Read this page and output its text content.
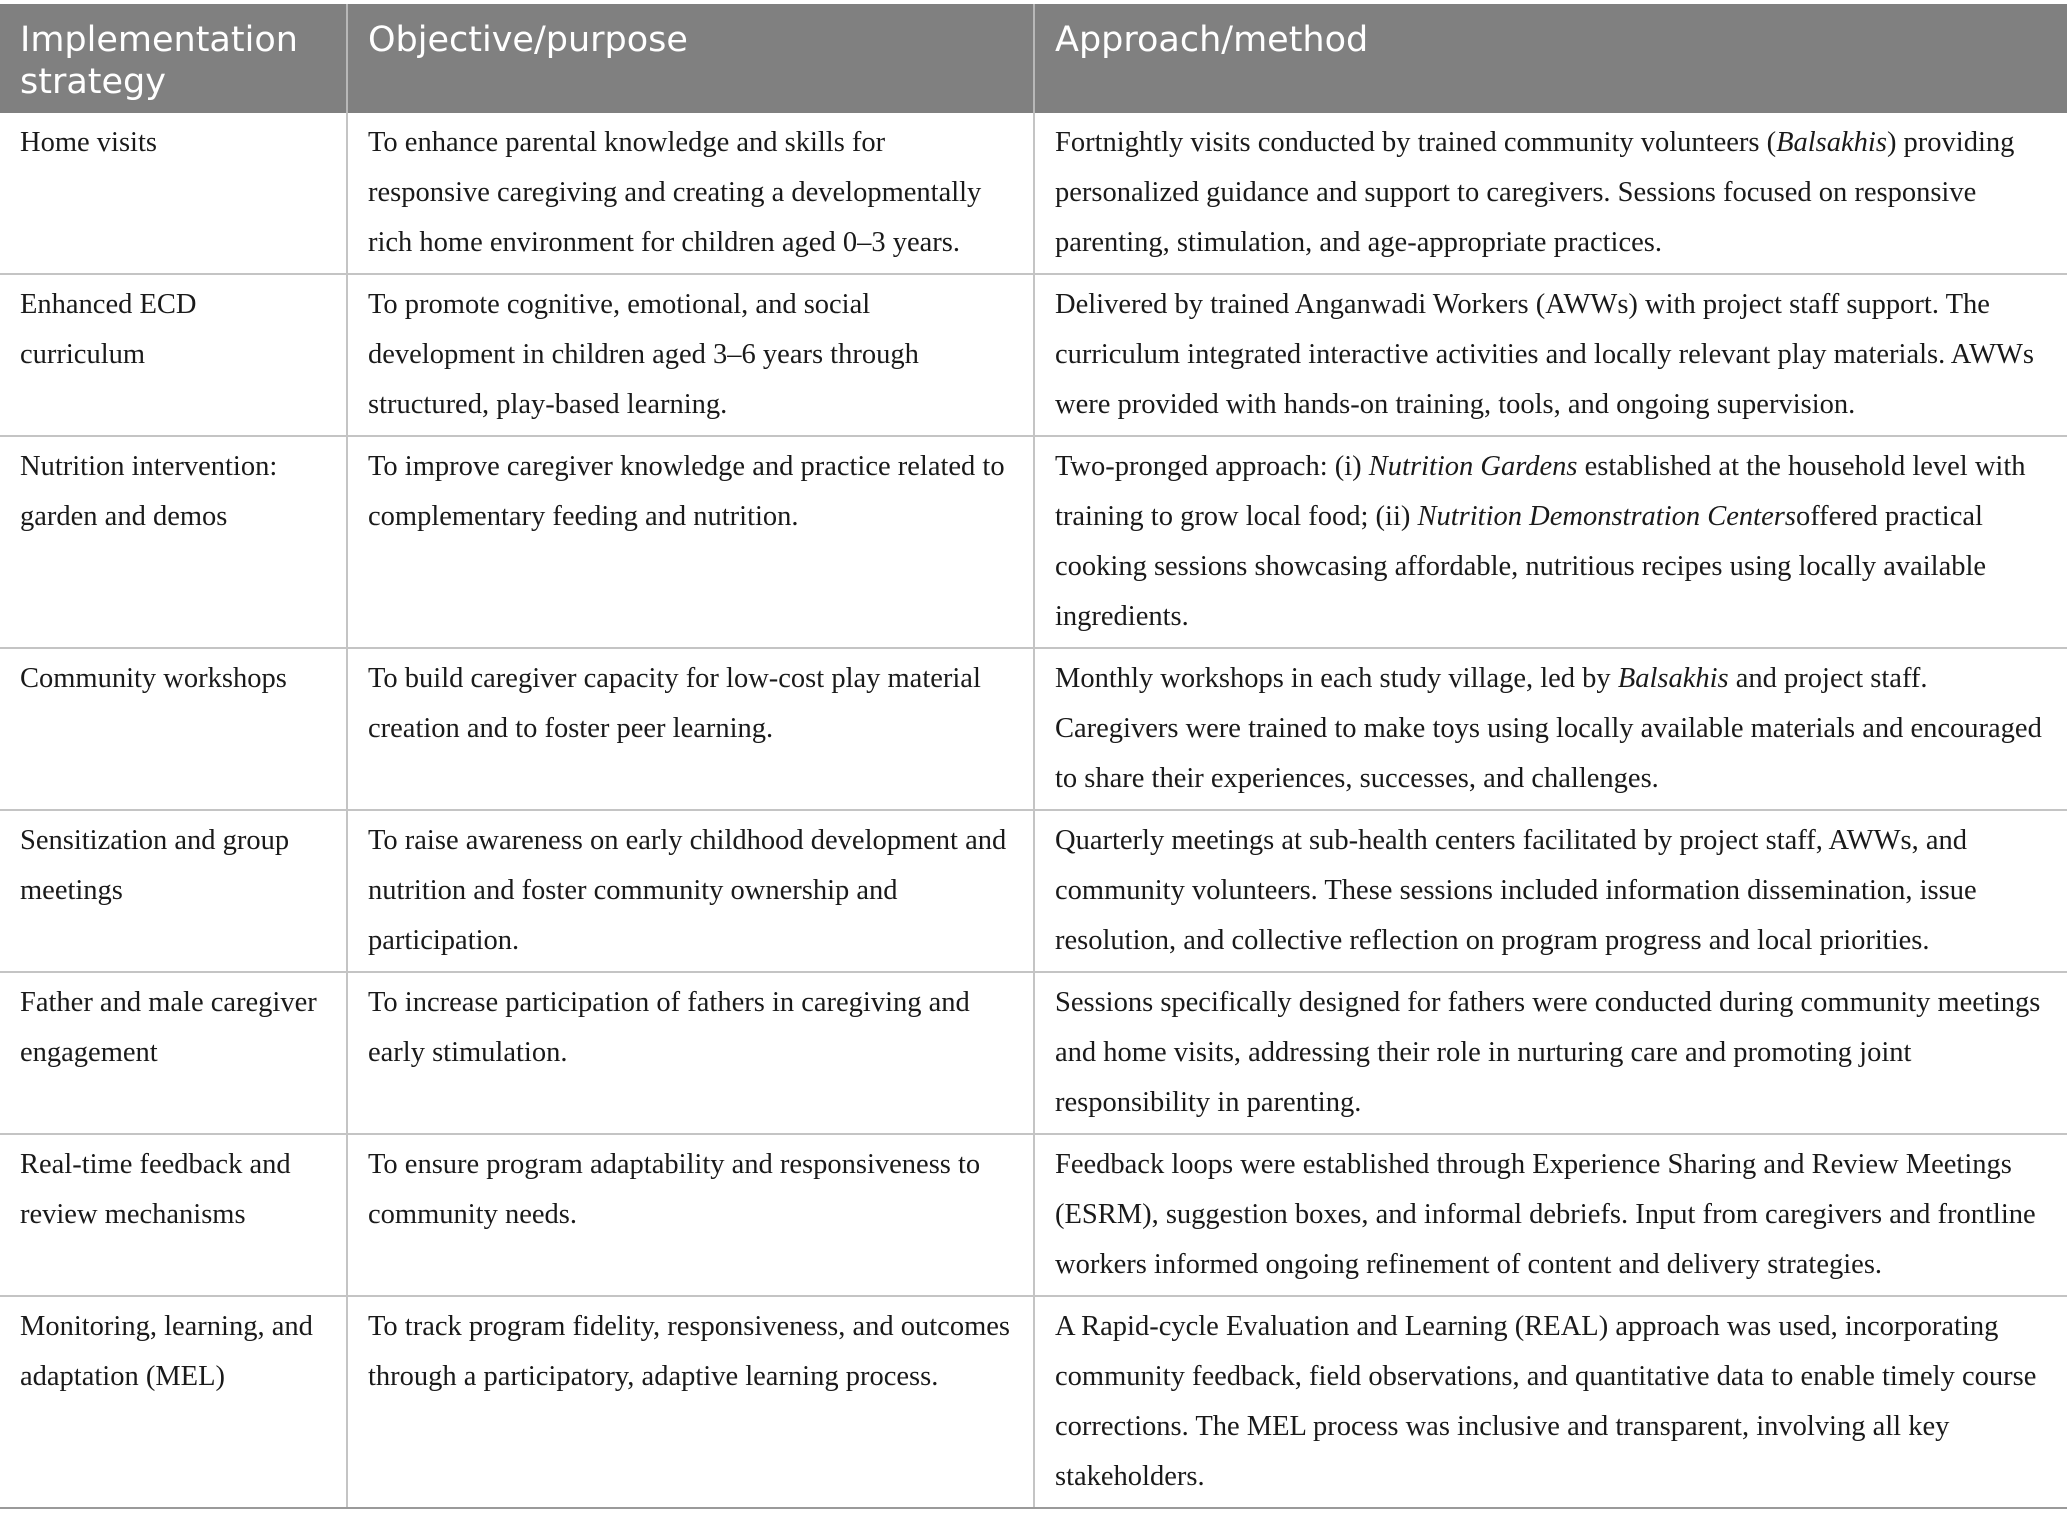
Implementation strategy	Objective/purpose	Approach/method
Home visits	To enhance parental knowledge and skills for responsive caregiving and creating a developmentally rich home environment for children aged 0–3 years.	Fortnightly visits conducted by trained community volunteers (Balsakhis) providing personalized guidance and support to caregivers. Sessions focused on responsive parenting, stimulation, and age-appropriate practices.
Enhanced ECD curriculum	To promote cognitive, emotional, and social development in children aged 3–6 years through structured, play-based learning.	Delivered by trained Anganwadi Workers (AWWs) with project staff support. The curriculum integrated interactive activities and locally relevant play materials. AWWs were provided with hands-on training, tools, and ongoing supervision.
Nutrition intervention: garden and demos	To improve caregiver knowledge and practice related to complementary feeding and nutrition.	Two-pronged approach: (i) Nutrition Gardens established at the household level with training to grow local food; (ii) Nutrition Demonstration Centersoffered practical cooking sessions showcasing affordable, nutritious recipes using locally available ingredients.
Community workshops	To build caregiver capacity for low-cost play material creation and to foster peer learning.	Monthly workshops in each study village, led by Balsakhis and project staff. Caregivers were trained to make toys using locally available materials and encouraged to share their experiences, successes, and challenges.
Sensitization and group meetings	To raise awareness on early childhood development and nutrition and foster community ownership and participation.	Quarterly meetings at sub-health centers facilitated by project staff, AWWs, and community volunteers. These sessions included information dissemination, issue resolution, and collective reflection on program progress and local priorities.
Father and male caregiver engagement	To increase participation of fathers in caregiving and early stimulation.	Sessions specifically designed for fathers were conducted during community meetings and home visits, addressing their role in nurturing care and promoting joint responsibility in parenting.
Real-time feedback and review mechanisms	To ensure program adaptability and responsiveness to community needs.	Feedback loops were established through Experience Sharing and Review Meetings (ESRM), suggestion boxes, and informal debriefs. Input from caregivers and frontline workers informed ongoing refinement of content and delivery strategies.
Monitoring, learning, and adaptation (MEL)	To track program fidelity, responsiveness, and outcomes through a participatory, adaptive learning process.	A Rapid-cycle Evaluation and Learning (REAL) approach was used, incorporating community feedback, field observations, and quantitative data to enable timely course corrections. The MEL process was inclusive and transparent, involving all key stakeholders.
